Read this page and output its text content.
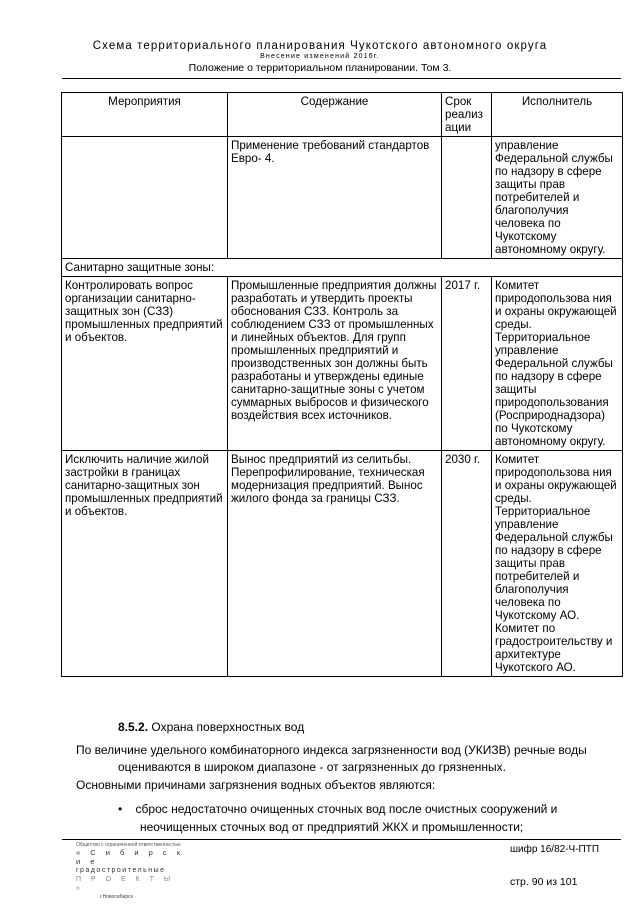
Схема территориального планирования Чукотского автономного округа
Внесение изменений 2016г.
Положение о территориальном планировании. Том 3.
Мероприятия	Содержание	Срок реализ ации	Исполнитель
	Применение требований стандартов Евро- 4.		управление Федеральной службы по надзору в сфере защиты прав потребителей и благополучия человека по Чукотскому автономному округу.
Санитарно защитные зоны:			
Контролировать вопрос организации санитарно-защитных зон (СЗЗ) промышленных предприятий и объектов.	Промышленные предприятия должны разработать и утвердить проекты обоснования СЗЗ. Контроль за соблюдением СЗЗ от промышленных и линейных объектов. Для групп промышленных предприятий и производственных зон должны быть разработаны и утверждены единые санитарно-защитные зоны с учетом суммарных выбросов и физического воздействия всех источников.	2017 г.	Комитет природопользова ния и охраны окружающей среды. Территориальное управление Федеральной службы по надзору в сфере защиты природопользования (Росприроднадзора) по Чукотскому автономному округу.
Исключить наличие жилой застройки в границах санитарно-защитных зон промышленных предприятий и объектов.	Вынос предприятий из селитьбы. Перепрофилирование, техническая модернизация предприятий. Вынос жилого фонда за границы СЗЗ.	2030 г.	Комитет природопользова ния и охраны окружающей среды. Территориальное управление Федеральной службы по надзору в сфере защиты прав потребителей и благополучия человека по Чукотскому АО. Комитет по градостроительству и архитектуре Чукотского АО.
8.5.2. Охрана поверхностных вод
По величине удельного комбинаторного индекса загрязненности вод (УКИЗВ) речные воды
оцениваются в широком диапазоне - от загрязненных до грязненных.
Основными причинами загрязнения водных объектов являются:
• сброс недостаточно очищенных сточных вод после очистных сооружений и
неочищенных сточных вод от предприятий ЖКХ и промышленности;
Общество с ограниченной ответственностью
« С и б и р с к и е
градостроительные
П Р О Е К Т Ы »
г.Новосибирск
шифр 16/82-Ч-ПТП
стр. 90 из 101
